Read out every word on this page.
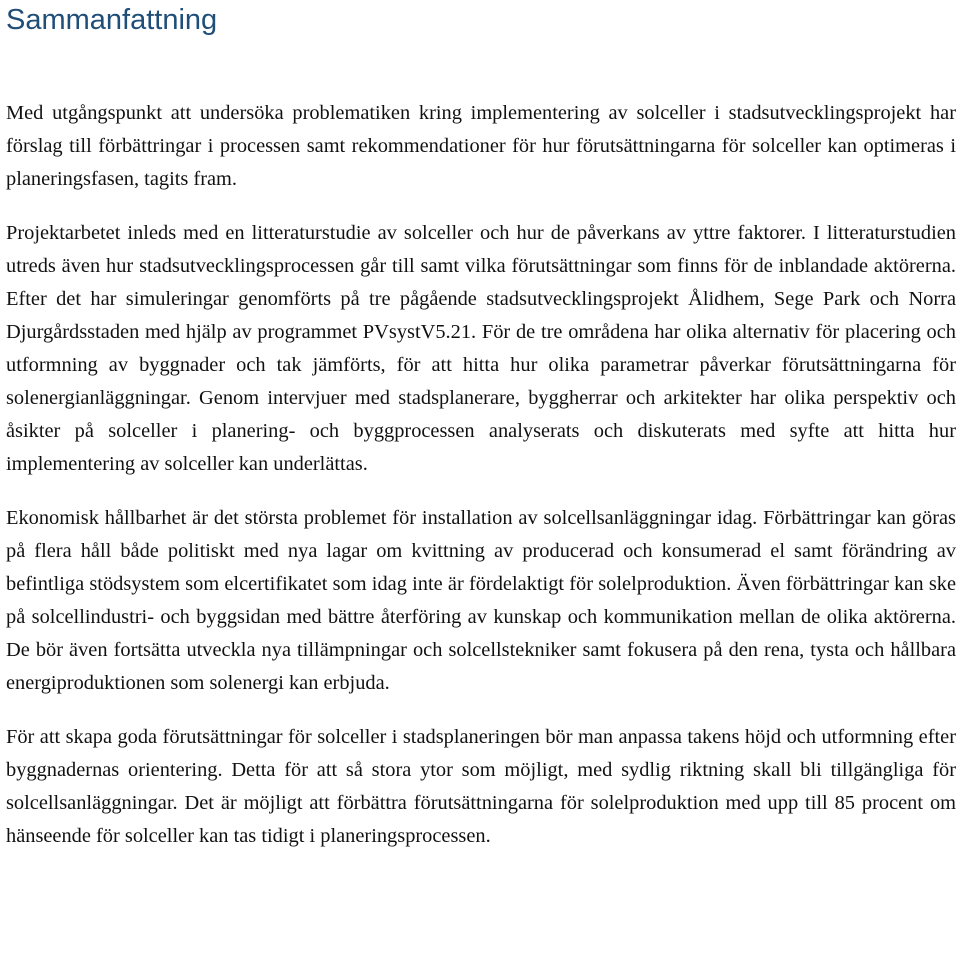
Sammanfattning

Med utgångspunkt att undersöka problematiken kring implementering av solceller i stadsutvecklingsprojekt har förslag till förbättringar i processen samt rekommendationer för hur förutsättningarna för solceller kan optimeras i planeringsfasen, tagits fram.

Projektarbetet inleds med en litteraturstudie av solceller och hur de påverkans av yttre faktorer. I litteraturstudien utreds även hur stadsutvecklingsprocessen går till samt vilka förutsättningar som finns för de inblandade aktörerna. Efter det har simuleringar genomförts på tre pågående stadsutvecklingsprojekt Ålidhem, Sege Park och Norra Djurgårdsstaden med hjälp av programmet PVsystV5.21. För de tre områdena har olika alternativ för placering och utformning av byggnader och tak jämförts, för att hitta hur olika parametrar påverkar förutsättningarna för solenergianläggningar. Genom intervjuer med stadsplanerare, byggherrar och arkitekter har olika perspektiv och åsikter på solceller i planering- och byggprocessen analyserats och diskuterats med syfte att hitta hur implementering av solceller kan underlättas.

Ekonomisk hållbarhet är det största problemet för installation av solcellsanläggningar idag. Förbättringar kan göras på flera håll både politiskt med nya lagar om kvittning av producerad och konsumerad el samt förändring av befintliga stödsystem som elcertifikatet som idag inte är fördelaktigt för solelproduktion. Även förbättringar kan ske på solcellindustri- och byggsidan med bättre återföring av kunskap och kommunikation mellan de olika aktörerna. De bör även fortsätta utveckla nya tillämpningar och solcellstekniker samt fokusera på den rena, tysta och hållbara energiproduktionen som solenergi kan erbjuda.

För att skapa goda förutsättningar för solceller i stadsplaneringen bör man anpassa takens höjd och utformning efter byggnadernas orientering. Detta för att så stora ytor som möjligt, med sydlig riktning skall bli tillgängliga för solcellsanläggningar. Det är möjligt att förbättra förutsättningarna för solelproduktion med upp till 85 procent om hänseende för solceller kan tas tidigt i planeringsprocessen.
